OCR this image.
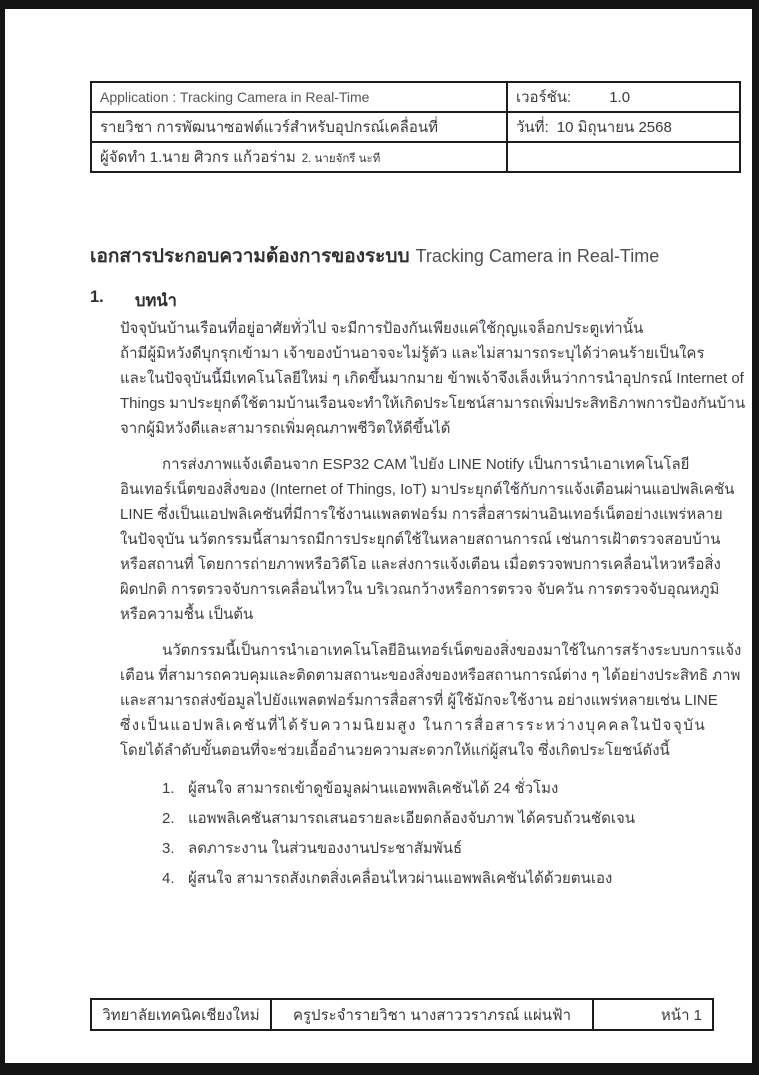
Application : Tracking Camera in Real-Time	เวอร์ชัน: 1.0
รายวิชา การพัฒนาซอฟต์แวร์สำหรับอุปกรณ์เคลื่อนที่	วันที่: 10 มิถุนายน 2568
ผู้จัดทำ 1.นาย ศิวกร แก้วอร่าม 2. นายจักรี นะที	
เอกสารประกอบความต้องการของระบบ Tracking Camera in Real-Time
1.	บทนำ
ปัจจุบันบ้านเรือนที่อยู่อาศัยทั่วไป จะมีการป้องกันเพียงแค่ใช้กุญแจล็อกประตูเท่านั้น
ถ้ามีผู้มิหวังดีบุกรุกเข้ามา เจ้าของบ้านอาจจะไม่รู้ตัว และไม่สามารถระบุได้ว่าคนร้ายเป็นใคร
และในปัจจุบันนี้มีเทคโนโลยีใหม่ ๆ เกิดขึ้นมากมาย ข้าพเจ้าจึงเล็งเห็นว่าการนำอุปกรณ์ Internet of
Things มาประยุกต์ใช้ตามบ้านเรือนจะทำให้เกิดประโยชน์สามารถเพิ่มประสิทธิภาพการป้องกันบ้าน
จากผู้มิหวังดีและสามารถเพิ่มคุณภาพชีวิตให้ดีขึ้นได้
การส่งภาพแจ้งเตือนจาก ESP32 CAM ไปยัง LINE Notify เป็นการนำเอาเทคโนโลยี
อินเทอร์เน็ตของสิ่งของ (Internet of Things, IoT) มาประยุกต์ใช้กับการแจ้งเตือนผ่านแอปพลิเคชัน
LINE ซึ่งเป็นแอปพลิเคชันที่มีการใช้งานแพลตฟอร์ม การสื่อสารผ่านอินเทอร์เน็ตอย่างแพร่หลาย
ในปัจจุบัน นวัตกรรมนี้สามารถมีการประยุกต์ใช้ในหลายสถานการณ์ เช่นการเฝ้าตรวจสอบบ้าน
หรือสถานที่ โดยการถ่ายภาพหรือวิดีโอ และส่งการแจ้งเตือน เมื่อตรวจพบการเคลื่อนไหวหรือสิ่ง
ผิดปกติ การตรวจจับการเคลื่อนไหวใน บริเวณกว้างหรือการตรวจ จับควัน การตรวจจับอุณหภูมิ
หรือความชื้น เป็นต้น
นวัตกรรมนี้เป็นการนำเอาเทคโนโลยีอินเทอร์เน็ตของสิ่งของมาใช้ในการสร้างระบบการแจ้ง
เตือน ที่สามารถควบคุมและติดตามสถานะของสิ่งของหรือสถานการณ์ต่าง ๆ ได้อย่างประสิทธิ ภาพ
และสามารถส่งข้อมูลไปยังแพลตฟอร์มการสื่อสารที่ ผู้ใช้มักจะใช้งาน อย่างแพร่หลายเช่น LINE
ซึ่งเป็นแอปพลิเคชันที่ได้รับความนิยมสูง ในการสื่อสารระหว่างบุคคลในปัจจุบัน
โดยได้ลำดับขั้นตอนที่จะช่วยเอื้ออำนวยความสะดวกให้แก่ผู้สนใจ ซึ่งเกิดประโยชน์ดังนี้
1. ผู้สนใจ สามารถเข้าดูข้อมูลผ่านแอพพลิเคชันได้ 24 ชั่วโมง
2. แอพพลิเคชันสามารถเสนอรายละเอียดกล้องจับภาพ ได้ครบถ้วนชัดเจน
3. ลดภาระงาน ในส่วนของงานประชาสัมพันธ์
4. ผู้สนใจ สามารถสังเกตสิ่งเคลื่อนไหวผ่านแอพพลิเคชันได้ด้วยตนเอง
วิทยาลัยเทคนิคเชียงใหม่	ครูประจำรายวิชา นางสาววราภรณ์ แผ่นฟ้า	หน้า 1
